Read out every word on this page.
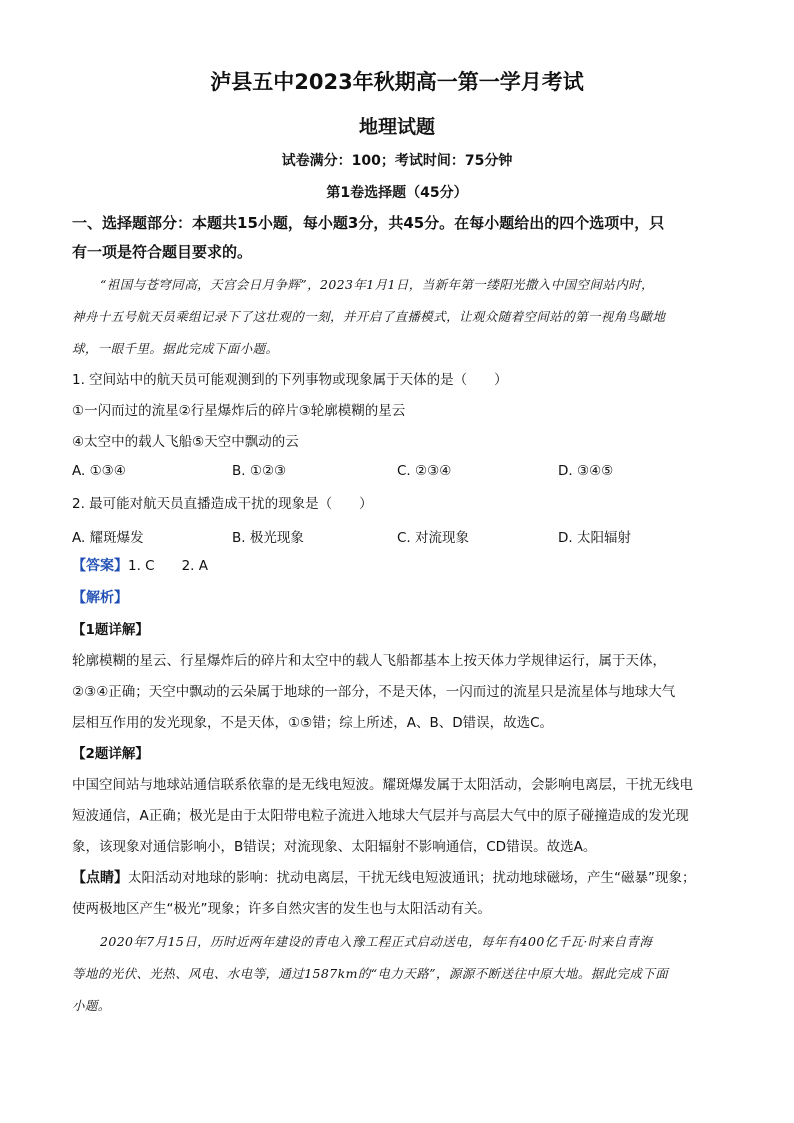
泸县五中2023年秋期高一第一学月考试
地理试题
试卷满分：100；考试时间：75分钟
第1卷选择题（45分）
一、选择题部分：本题共15小题，每小题3分，共45分。在每小题给出的四个选项中，只
有一项是符合题目要求的。
“祖国与苍穹同高，天宫会日月争辉”，2023年1月1日，当新年第一缕阳光撒入中国空间站内时，
神舟十五号航天员乘组记录下了这壮观的一刻，并开启了直播模式，让观众随着空间站的第一视角鸟瞰地
球，一眼千里。据此完成下面小题。
1. 空间站中的航天员可能观测到的下列事物或现象属于天体的是（　　）
①一闪而过的流星②行星爆炸后的碎片③轮廓模糊的星云
④太空中的载人飞船⑤天空中飘动的云
A. ①③④	B. ①②③	C. ②③④	D. ③④⑤
2. 最可能对航天员直播造成干扰的现象是（　　）
A. 耀斑爆发	B. 极光现象	C. 对流现象	D. 太阳辐射
【答案】1. C　　2. A
【解析】
【1题详解】
轮廓模糊的星云、行星爆炸后的碎片和太空中的载人飞船都基本上按天体力学规律运行，属于天体，
②③④正确；天空中飘动的云朵属于地球的一部分，不是天体，一闪而过的流星只是流星体与地球大气
层相互作用的发光现象，不是天体，①⑤错；综上所述，A、B、D错误，故选C。
【2题详解】
中国空间站与地球站通信联系依靠的是无线电短波。耀斑爆发属于太阳活动，会影响电离层，干扰无线电
短波通信，A正确；极光是由于太阳带电粒子流进入地球大气层并与高层大气中的原子碰撞造成的发光现
象，该现象对通信影响小，B错误；对流现象、太阳辐射不影响通信，CD错误。故选A。
【点睛】太阳活动对地球的影响：扰动电离层，干扰无线电短波通讯；扰动地球磁场，产生“磁暴”现象；
使两极地区产生“极光”现象；许多自然灾害的发生也与太阳活动有关。
2020年7月15日，历时近两年建设的青电入豫工程正式启动送电，每年有400亿千瓦·时来自青海
等地的光伏、光热、风电、水电等，通过1587km的“电力天路”，源源不断送往中原大地。据此完成下面
小题。
